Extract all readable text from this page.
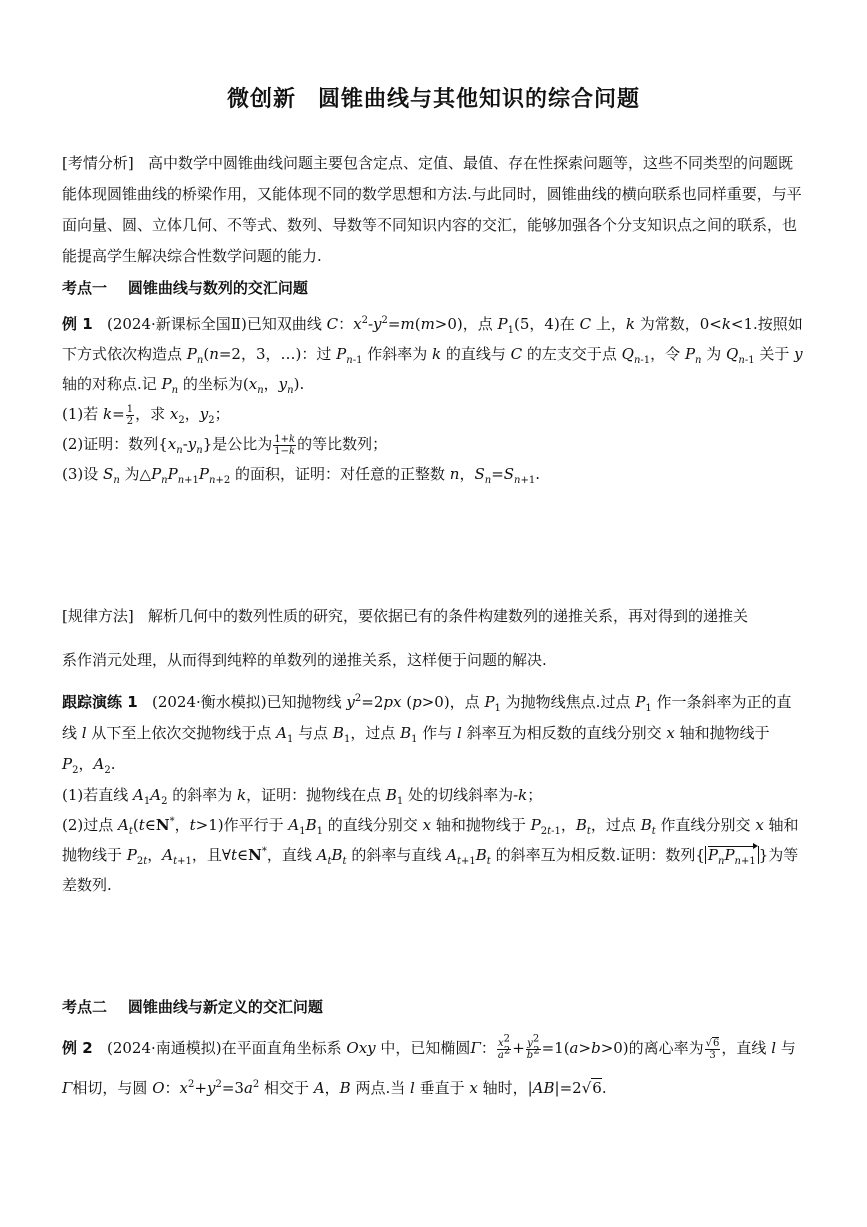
微创新 圆锥曲线与其他知识的综合问题
[考情分析] 高中数学中圆锥曲线问题主要包含定点、定值、最值、存在性探索问题等，这些不同类型的问题既能体现圆锥曲线的桥梁作用，又能体现不同的数学思想和方法.与此同时，圆锥曲线的横向联系也同样重要，与平面向量、圆、立体几何、不等式、数列、导数等不同知识内容的交汇，能够加强各个分支知识点之间的联系，也能提高学生解决综合性数学问题的能力.
考点一 圆锥曲线与数列的交汇问题
例 1 (2024·新课标全国Ⅱ)已知双曲线 C：$x^2-y^2=m(m>0)$，点 $P_1(5$，4)在 C 上，k 为常数，0<k<1.按照如下方式依次构造点 $P_n(n=2$，3，…)：过 $P_{n-1}$ 作斜率为 k 的直线与 C 的左支交于点 $Q_{n-1}$，令 $P_n$ 为 $Q_{n-1}$ 关于 y 轴的对称点.记 $P_n$ 的坐标为($x_n$，$y_n$).
(1)若 $k= \frac{1}{2}$ ，求 $x_2$，$y_2$；
(2)证明：数列$\{x_n-y_n\}$是公比为 $\frac{1+k}{1-k}$ 的等比数列；
(3)设 $S_n$ 为$\triangle P_nP_{n+1}P_{n+2}$ 的面积，证明：对任意的正整数 n，$S_n=S_{n+1}$.
[规律方法] 解析几何中的数列性质的研究，要依据已有的条件构建数列的递推关系，再对得到的递推关
系作消元处理，从而得到纯粹的单数列的递推关系，这样便于问题的解决.
跟踪演练 1 (2024·衡水模拟)已知抛物线 $y^2=2px$ (p>0)，点 $P_1$ 为抛物线焦点.过点 $P_1$ 作一条斜率为正的直线 l 从下至上依次交抛物线于点 $A_1$ 与点 $B_1$，过点 $B_1$ 作与 l 斜率互为相反数的直线分别交 x 轴和抛物线于 $P_2$，$A_2$.
(1)若直线 $A_1A_2$ 的斜率为 k，证明：抛物线在点 $B_1$ 处的切线斜率为-k；
(2)过点 $A_t(t\in N^*$，t>1)作平行于 $A_1B_1$ 的直线分别交 x 轴和抛物线于 $P_{2t-1}$，$B_t$，过点 $B_t$ 作直线分别交 x 轴和抛物线于 $P_{2t}$，$A_{t+1}$，且∀t∈N*，直线 $A_tB_t$ 的斜率与直线 $A_{t+1}B_t$ 的斜率互为相反数.证明：数列{ $P_nP_{n+1}$ }为等差数列.
考点二 圆锥曲线与新定义的交汇问题
例 2 (2024·南通模拟)在平面直角坐标系 Oxy 中，已知椭圆Γ： $\frac{x^2}{a^2} + \frac{y^2}{b^2} =1(a>b>0)$的离心率为 $\frac{√6}{3}$ ，直线 l 与 Γ相切，与圆 O：$x^2+y^2=3a^2$ 相交于 A，B 两点.当 l 垂直于 x 轴时，|AB|=2√6.
